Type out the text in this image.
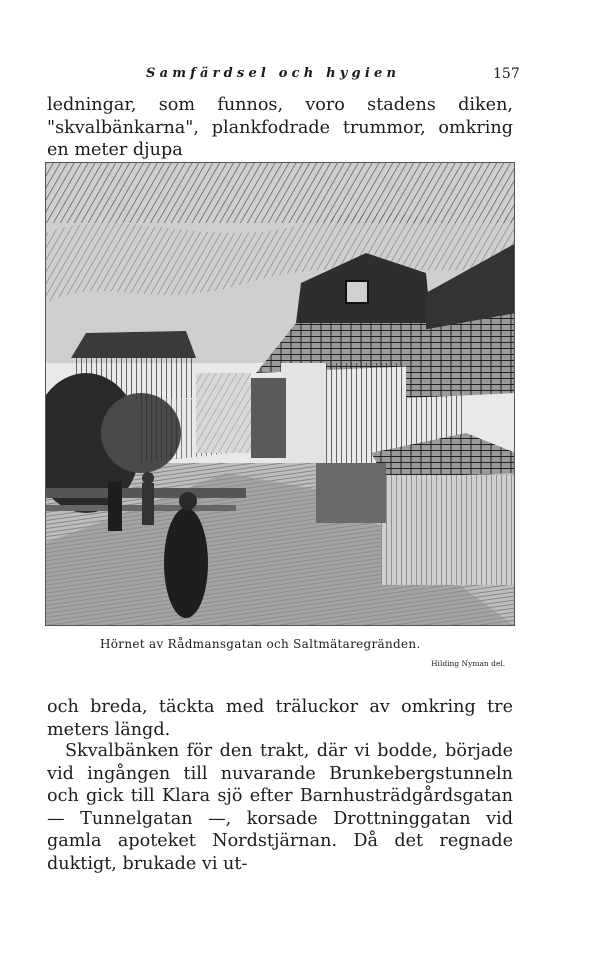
Samfärdsel och hygien	157

ledningar, som funnos, voro stadens diken, "skvalbänkarna", plankfodrade trummor, omkring en meter djupa

Hörnet av Rådmansgatan och Saltmätaregränden.
Hilding Nyman del.

och breda, täckta med träluckor av omkring tre meters längd.

Skvalbänken för den trakt, där vi bodde, började vid ingången till nuvarande Brunkebergstunneln och gick till Klara sjö efter Barnhusträdgårdsgatan — Tunnelgatan —, korsade Drottninggatan vid gamla apoteket Nordstjärnan. Då det regnade duktigt, brukade vi ut-
